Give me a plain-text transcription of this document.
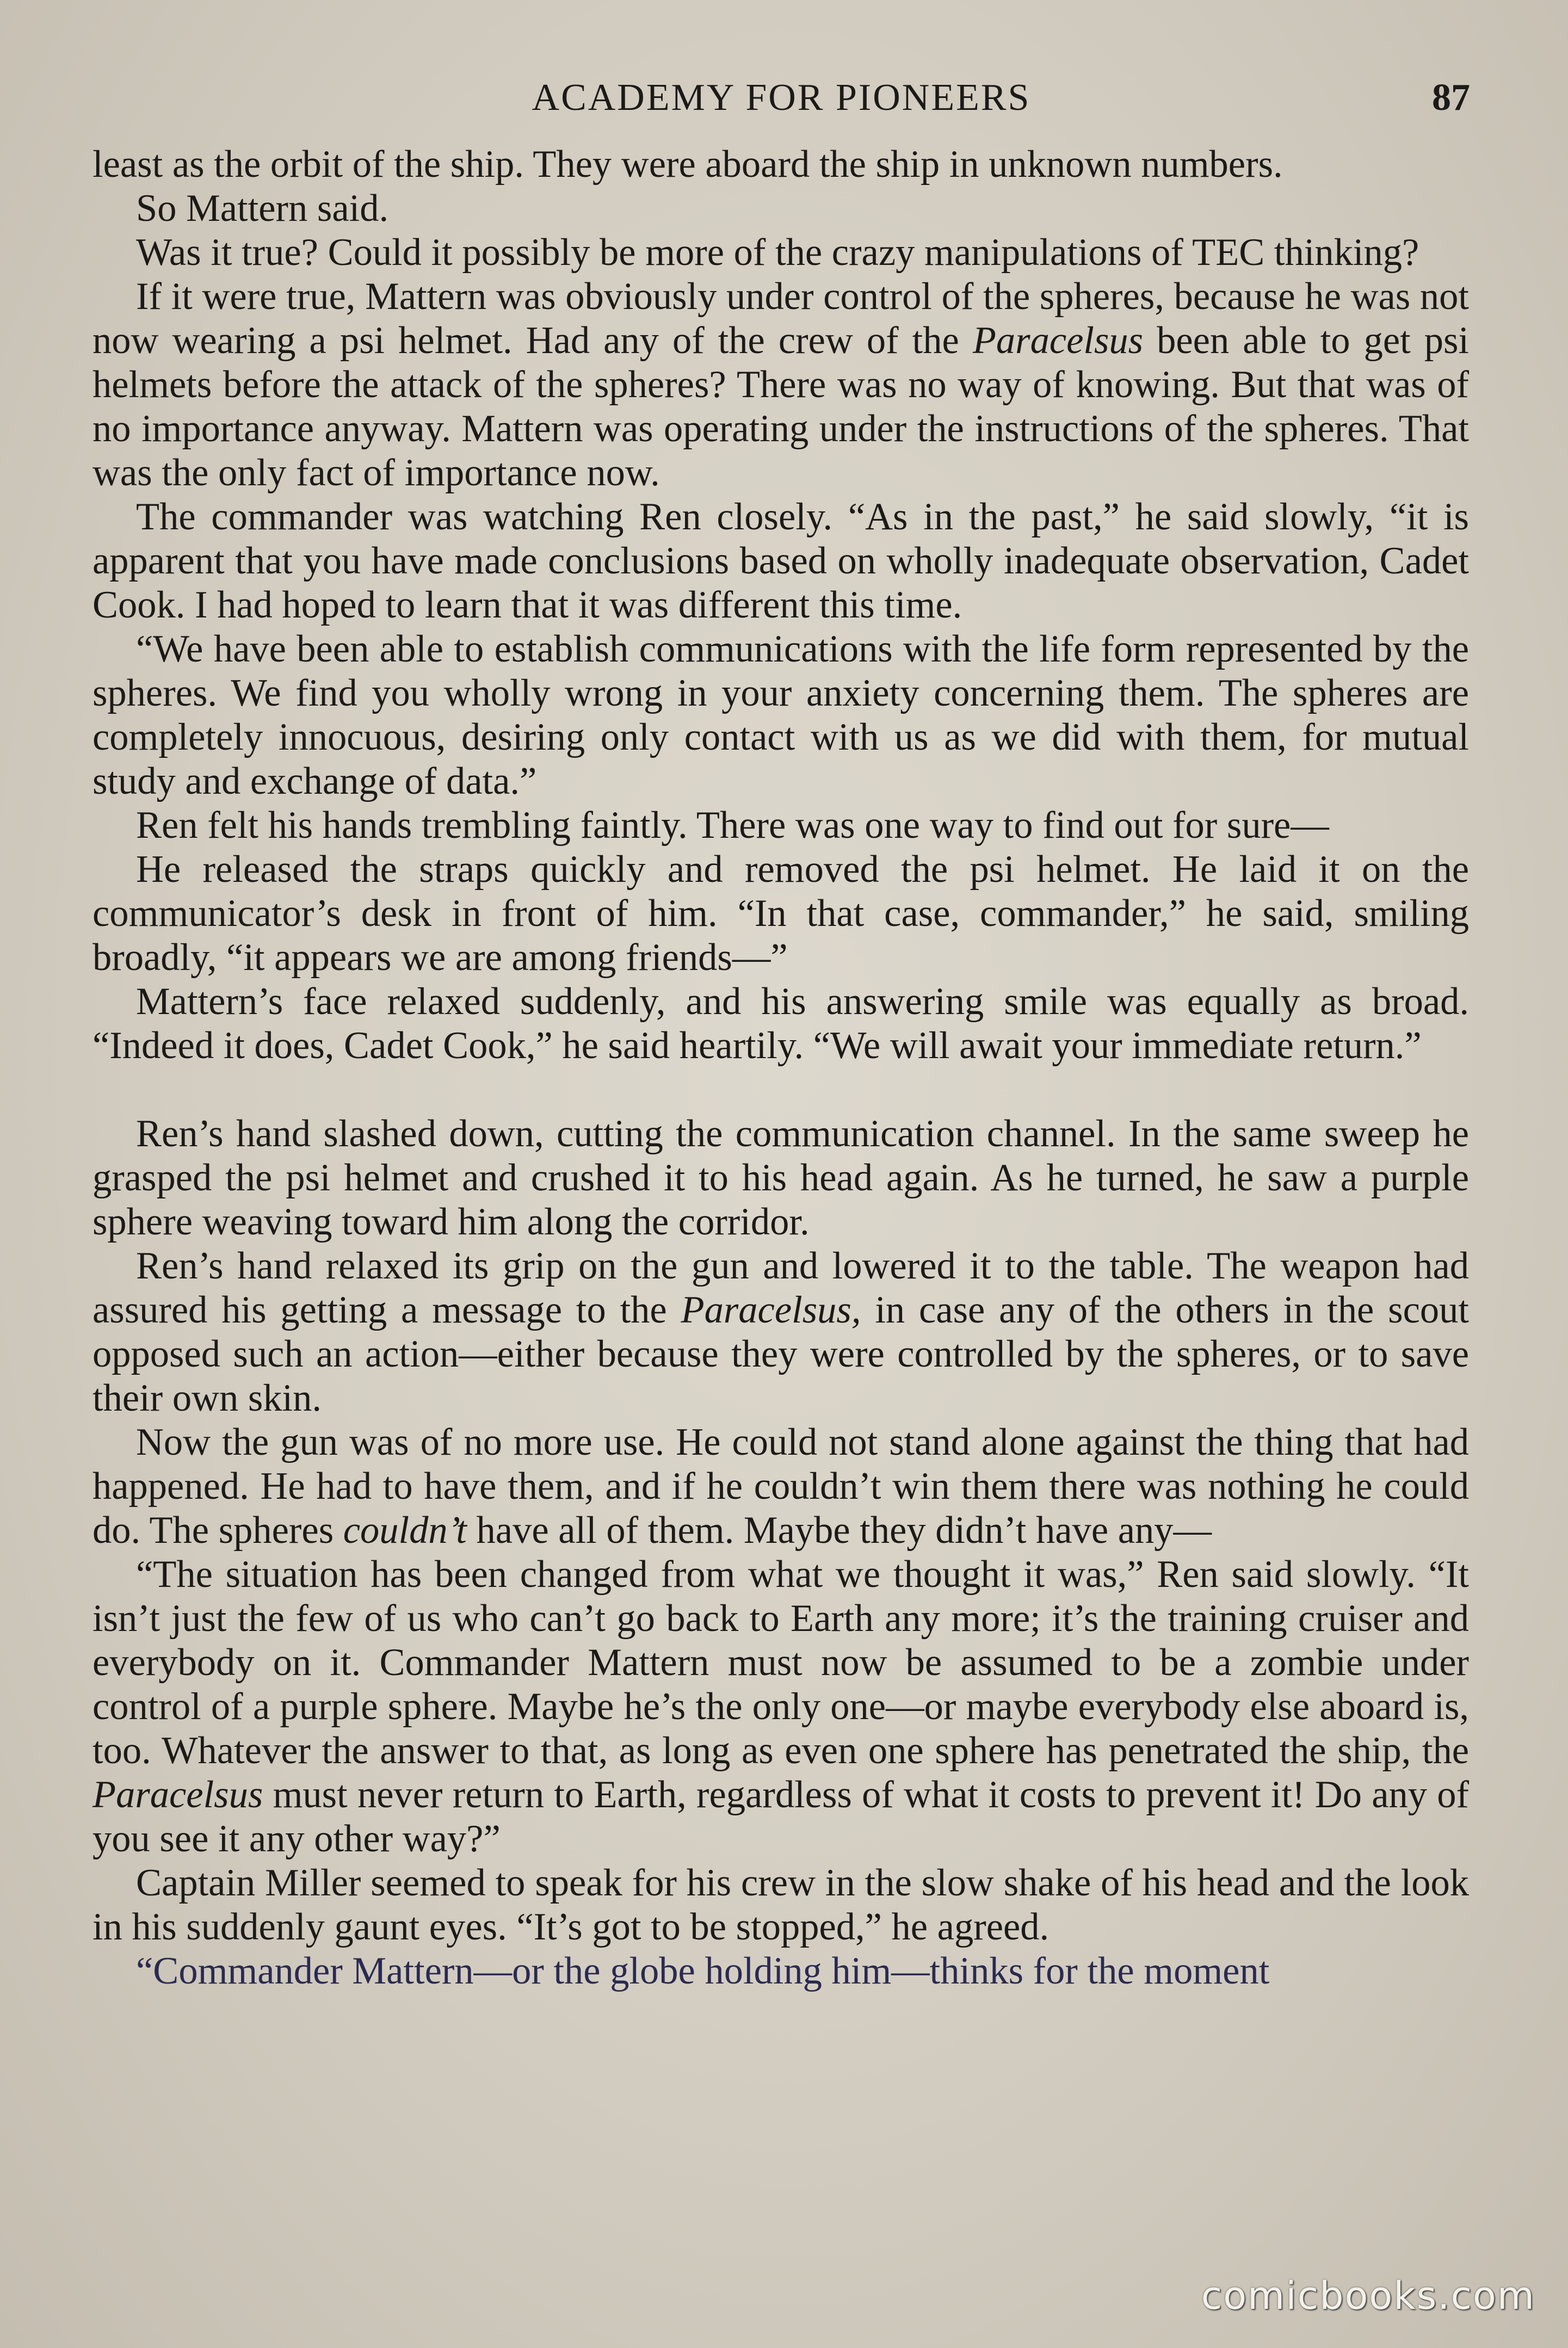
ACADEMY FOR PIONEERS	87

least as the orbit of the ship. They were aboard the ship in unknown numbers.

So Mattern said.

Was it true? Could it possibly be more of the crazy manipulations of TEC thinking?

If it were true, Mattern was obviously under control of the spheres, because he was not now wearing a psi helmet. Had any of the crew of the Paracelsus been able to get psi helmets before the attack of the spheres? There was no way of knowing. But that was of no importance anyway. Mattern was operating under the instructions of the spheres. That was the only fact of importance now.

The commander was watching Ren closely. “As in the past,” he said slowly, “it is apparent that you have made conclusions based on wholly inadequate observation, Cadet Cook. I had hoped to learn that it was different this time.

“We have been able to establish communications with the life form represented by the spheres. We find you wholly wrong in your anxiety concerning them. The spheres are completely innocuous, desiring only contact with us as we did with them, for mutual study and exchange of data.”

Ren felt his hands trembling faintly. There was one way to find out for sure—

He released the straps quickly and removed the psi helmet. He laid it on the communicator’s desk in front of him. “In that case, commander,” he said, smiling broadly, “it appears we are among friends—”

Mattern’s face relaxed suddenly, and his answering smile was equally as broad. “Indeed it does, Cadet Cook,” he said heartily. “We will await your immediate return.”

Ren’s hand slashed down, cutting the communication channel. In the same sweep he grasped the psi helmet and crushed it to his head again. As he turned, he saw a purple sphere weaving toward him along the corridor.

Ren’s hand relaxed its grip on the gun and lowered it to the table. The weapon had assured his getting a message to the Paracelsus, in case any of the others in the scout opposed such an action—either because they were controlled by the spheres, or to save their own skin.

Now the gun was of no more use. He could not stand alone against the thing that had happened. He had to have them, and if he couldn’t win them there was nothing he could do. The spheres couldn’t have all of them. Maybe they didn’t have any—

“The situation has been changed from what we thought it was,” Ren said slowly. “It isn’t just the few of us who can’t go back to Earth any more; it’s the training cruiser and everybody on it. Commander Mattern must now be assumed to be a zombie under control of a purple sphere. Maybe he’s the only one—or maybe everybody else aboard is, too. Whatever the answer to that, as long as even one sphere has penetrated the ship, the Paracelsus must never return to Earth, regardless of what it costs to prevent it! Do any of you see it any other way?”

Captain Miller seemed to speak for his crew in the slow shake of his head and the look in his suddenly gaunt eyes. “It’s got to be stopped,” he agreed.

“Commander Mattern—or the globe holding him—thinks for the moment

comicbooks.com
